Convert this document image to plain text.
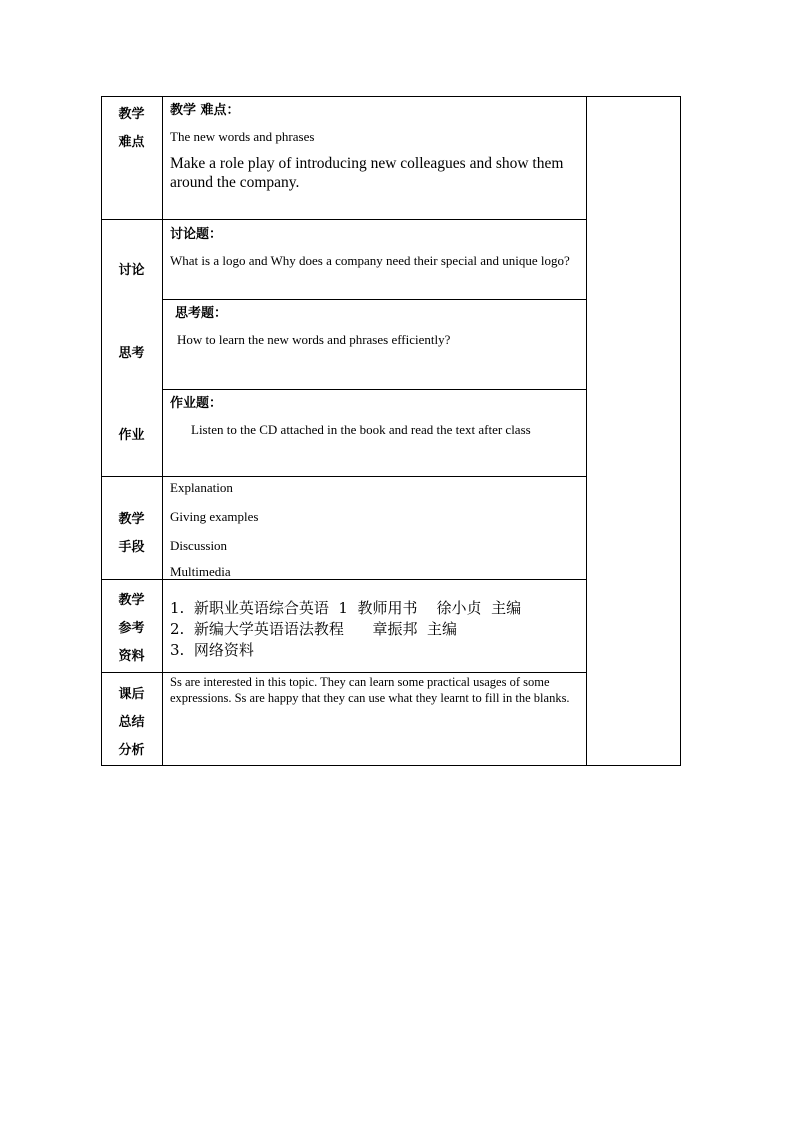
教学
难点
教学 难点：
The new words and phrases
Make a role play of introducing new colleagues and show them around the company.
讨论
讨论题：
What is a logo and Why does a company need their special and unique logo?
思考
思考题：
How to learn the new words and phrases efficiently?
作业
作业题：
Listen to the CD attached in the book and read the text after class
教学
手段
Explanation
Giving examples
Discussion
Multimedia
教学
参考
资料
1.  新职业英语综合英语  1  教师用书    徐小贞  主编
2.  新编大学英语语法教程      章振邦  主编
3.  网络资料
课后
总结
分析
Ss are interested in this topic. They can learn some practical usages of some expressions. Ss are happy that they can use what they learnt to fill in the blanks.
